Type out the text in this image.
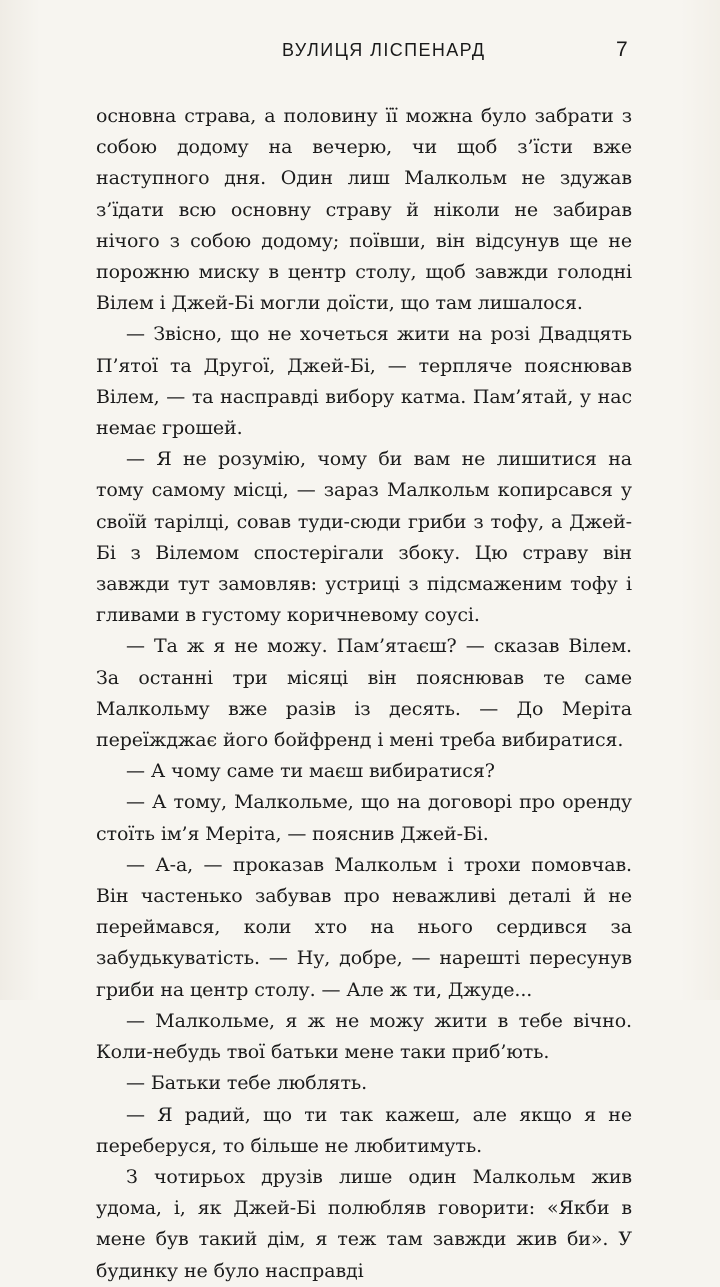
ВУЛИЦЯ ЛІСПЕНАРД	7

основна страва, а половину її можна було забрати з собою додому на вечерю, чи щоб з’їсти вже наступного дня. Один лиш Малкольм не здужав з’їдати всю основну страву й ніколи не забирав нічого з собою додому; поївши, він відсунув ще не порожню миску в центр столу, щоб завжди голодні Вілем і Джей-Бі могли доїсти, що там лишалося.

— Звісно, що не хочеться жити на розі Двадцять П’ятої та Другої, Джей-Бі, — терпляче пояснював Вілем, — та насправді вибору катма. Пам’ятай, у нас немає грошей.

— Я не розумію, чому би вам не лишитися на тому самому місці, — зараз Малкольм копирсався у своїй тарілці, совав туди-сюди гриби з тофу, а Джей-Бі з Вілемом спостерігали збоку. Цю страву він завжди тут замовляв: устриці з підсмаженим тофу і гливами в густому коричневому соусі.

— Та ж я не можу. Пам’ятаєш? — сказав Вілем. За останні три місяці він пояснював те саме Малкольму вже разів із десять. — До Меріта переїжджає його бойфренд і мені треба вибиратися.

— А чому саме ти маєш вибиратися?

— А тому, Малкольме, що на договорі про оренду стоїть ім’я Меріта, — пояснив Джей-Бі.

— А-а, — проказав Малкольм і трохи помовчав. Він частенько забував про неважливі деталі й не переймався, коли хто на нього сердився за забудькуватість. — Ну, добре, — нарешті пересунув гриби на центр столу. — Але ж ти, Джуде...

— Малкольме, я ж не можу жити в тебе вічно. Коли-небудь твої батьки мене таки приб’ють.

— Батьки тебе люблять.

— Я радий, що ти так кажеш, але якщо я не переберуся, то більше не любитимуть.

З чотирьох друзів лише один Малкольм жив удома, і, як Джей-Бі полюбляв говорити: «Якби в мене був такий дім, я теж там завжди жив би». У будинку не було насправді
